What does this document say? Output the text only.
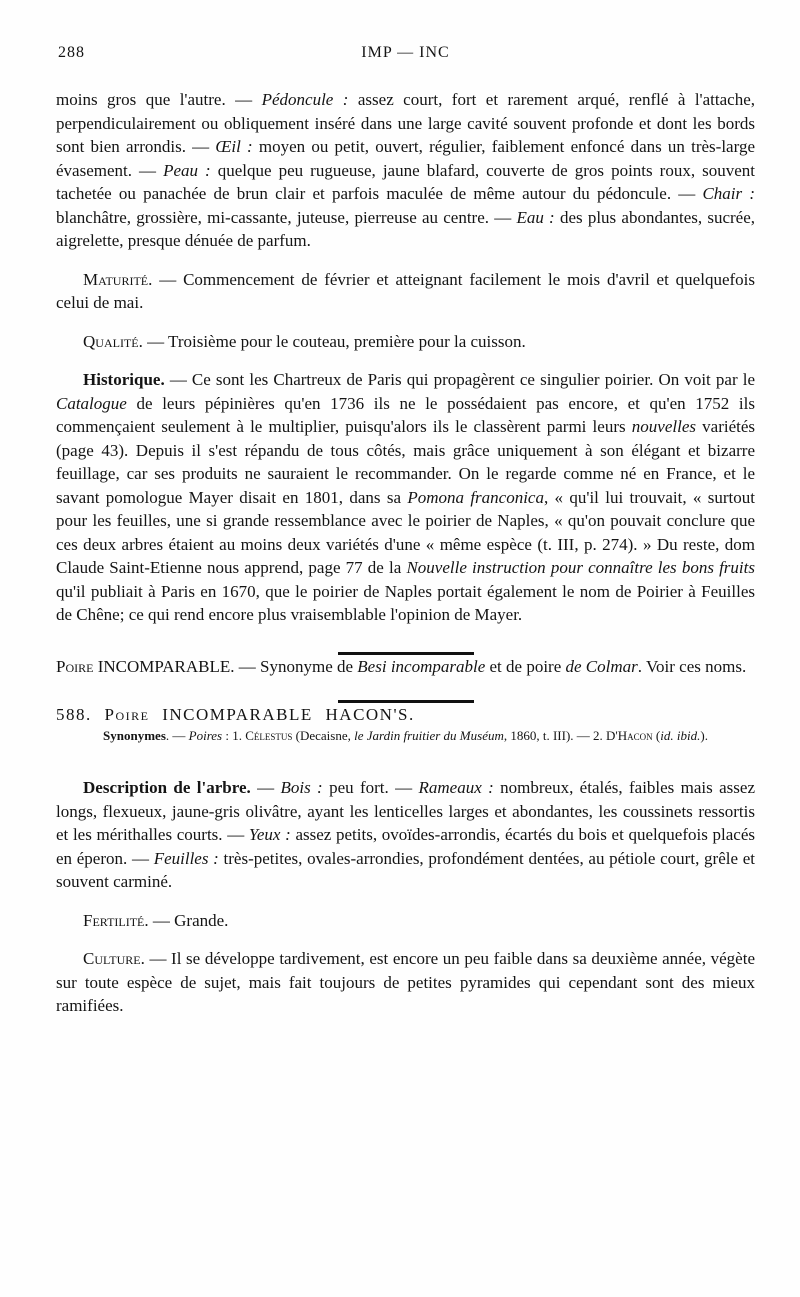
288	IMP — INC

moins gros que l'autre. — Pédoncule : assez court, fort et rarement arqué, renflé à l'attache, perpendiculairement ou obliquement inséré dans une large cavité souvent profonde et dont les bords sont bien arrondis. — Œil : moyen ou petit, ouvert, régulier, faiblement enfoncé dans un très-large évasement. — Peau : quelque peu rugueuse, jaune blafard, couverte de gros points roux, souvent tachetée ou panachée de brun clair et parfois maculée de même autour du pédoncule. — Chair : blanchâtre, grossière, mi-cassante, juteuse, pierreuse au centre. — Eau : des plus abondantes, sucrée, aigrelette, presque dénuée de parfum.

Maturité. — Commencement de février et atteignant facilement le mois d'avril et quelquefois celui de mai.

Qualité. — Troisième pour le couteau, première pour la cuisson.

Historique. — Ce sont les Chartreux de Paris qui propagèrent ce singulier poirier. On voit par le Catalogue de leurs pépinières qu'en 1736 ils ne le possédaient pas encore, et qu'en 1752 ils commençaient seulement à le multiplier, puisqu'alors ils le classèrent parmi leurs nouvelles variétés (page 43). Depuis il s'est répandu de tous côtés, mais grâce uniquement à son élégant et bizarre feuillage, car ses produits ne sauraient le recommander. On le regarde comme né en France, et le savant pomologue Mayer disait en 1801, dans sa Pomona franconica, « qu'il lui trouvait, « surtout pour les feuilles, une si grande ressemblance avec le poirier de Naples, « qu'on pouvait conclure que ces deux arbres étaient au moins deux variétés d'une « même espèce (t. III, p. 274). » Du reste, dom Claude Saint-Etienne nous apprend, page 77 de la Nouvelle instruction pour connaître les bons fruits qu'il publiait à Paris en 1670, que le poirier de Naples portait également le nom de Poirier à Feuilles de Chêne; ce qui rend encore plus vraisemblable l'opinion de Mayer.

Poire INCOMPARABLE. — Synonyme de Besi incomparable et de poire de Colmar. Voir ces noms.

588. Poire INCOMPARABLE HACON'S.

Synonymes. — Poires : 1. Célestus (Decaisne, le Jardin fruitier du Muséum, 1860, t. III). — 2. D'Hacon (id. ibid.).

Description de l'arbre. — Bois : peu fort. — Rameaux : nombreux, étalés, faibles mais assez longs, flexueux, jaune-gris olivâtre, ayant les lenticelles larges et abondantes, les coussinets ressortis et les mérithalles courts. — Yeux : assez petits, ovoïdes-arrondis, écartés du bois et quelquefois placés en éperon. — Feuilles : très-petites, ovales-arrondies, profondément dentées, au pétiole court, grêle et souvent carminé.

Fertilité. — Grande.

Culture. — Il se développe tardivement, est encore un peu faible dans sa deuxième année, végète sur toute espèce de sujet, mais fait toujours de petites pyramides qui cependant sont des mieux ramifiées.
